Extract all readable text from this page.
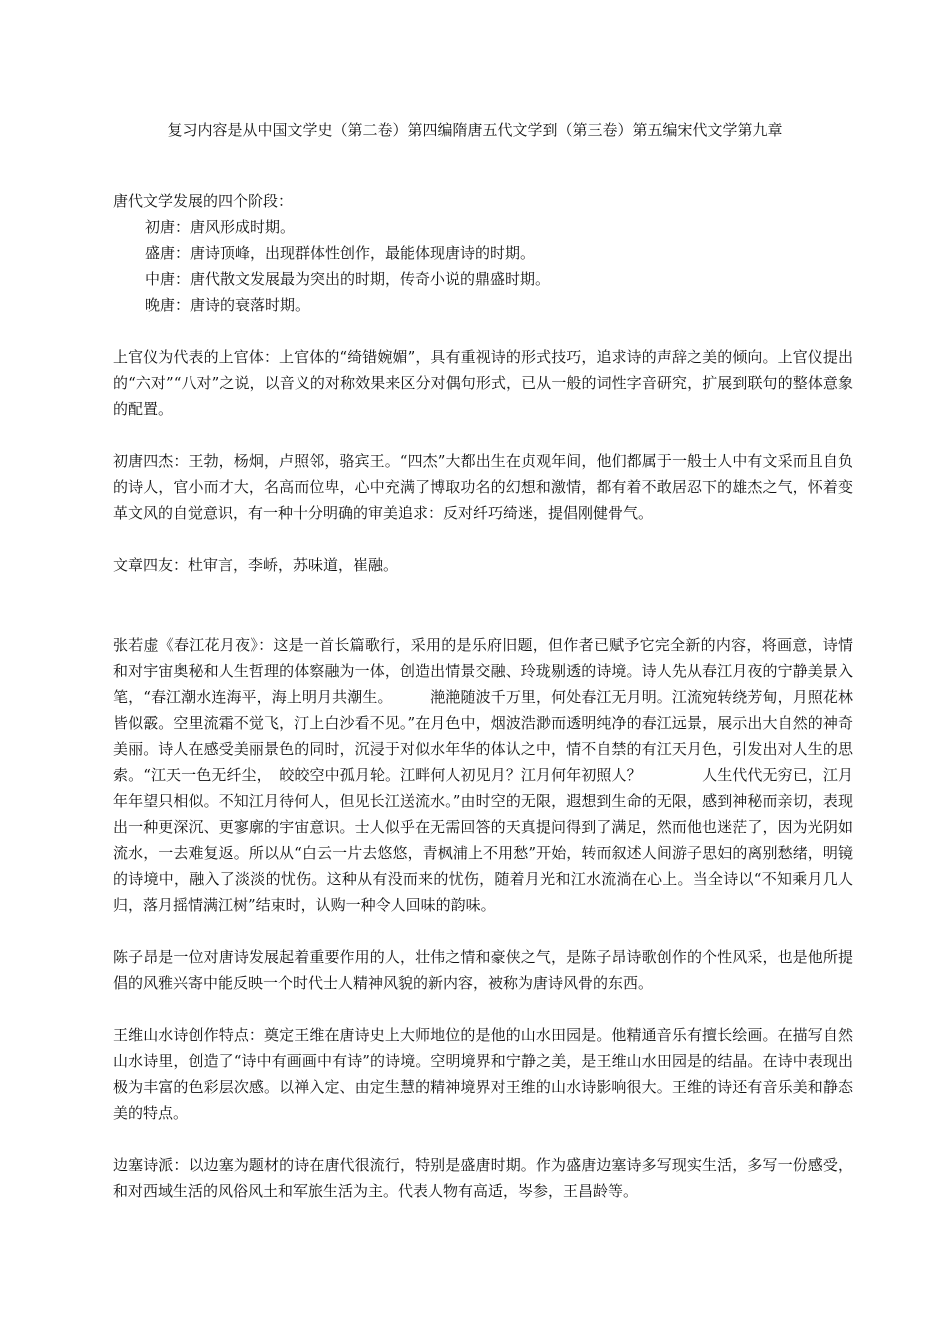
复习内容是从中国文学史（第二卷）第四编隋唐五代文学到（第三卷）第五编宋代文学第九章

唐代文学发展的四个阶段：

初唐：唐风形成时期。

盛唐：唐诗顶峰，出现群体性创作，最能体现唐诗的时期。

中唐：唐代散文发展最为突出的时期，传奇小说的鼎盛时期。

晚唐：唐诗的衰落时期。

上官仪为代表的上官体：上官体的“绮错婉媚”，具有重视诗的形式技巧，追求诗的声辞之美的倾向。上官仪提出的“六对”“八对”之说，以音义的对称效果来区分对偶句形式，已从一般的词性字音研究，扩展到联句的整体意象的配置。

初唐四杰：王勃，杨炯，卢照邻，骆宾王。“四杰”大都出生在贞观年间，他们都属于一般士人中有文采而且自负的诗人，官小而才大，名高而位卑，心中充满了博取功名的幻想和激情，都有着不敢居忍下的雄杰之气，怀着变革文风的自觉意识，有一种十分明确的审美追求：反对纤巧绮迷，提倡刚健骨气。

文章四友：杜审言，李峤，苏味道，崔融。

张若虚《春江花月夜》：这是一首长篇歌行，采用的是乐府旧题，但作者已赋予它完全新的内容，将画意，诗情和对宇宙奥秘和人生哲理的体察融为一体，创造出情景交融、玲珑剔透的诗境。诗人先从春江月夜的宁静美景入笔，“春江潮水连海平，海上明月共潮生。　　　滟滟随波千万里，何处春江无月明。江流宛转绕芳甸，月照花林皆似霰。空里流霜不觉飞，汀上白沙看不见。”在月色中，烟波浩渺而透明纯净的春江远景，展示出大自然的神奇美丽。诗人在感受美丽景色的同时，沉浸于对似水年华的体认之中，情不自禁的有江天月色，引发出对人生的思索。“江天一色无纤尘，　皎皎空中孤月轮。江畔何人初见月？江月何年初照人？　　　　人生代代无穷已，江月年年望只相似。不知江月待何人，但见长江送流水。”由时空的无限，遐想到生命的无限，感到神秘而亲切，表现出一种更深沉、更寥廓的宇宙意识。士人似乎在无需回答的天真提问得到了满足，然而他也迷茫了，因为光阴如流水，一去难复返。所以从“白云一片去悠悠，青枫浦上不用愁”开始，转而叙述人间游子思妇的离别愁绪，明镜的诗境中，融入了淡淡的忧伤。这种从有没而来的忧伤，随着月光和江水流淌在心上。当全诗以“不知乘月几人归，落月摇情满江树”结束时，认购一种令人回味的韵味。

陈子昂是一位对唐诗发展起着重要作用的人，壮伟之情和豪侠之气，是陈子昂诗歌创作的个性风采，也是他所提倡的风雅兴寄中能反映一个时代士人精神风貌的新内容，被称为唐诗风骨的东西。

王维山水诗创作特点：奠定王维在唐诗史上大师地位的是他的山水田园是。他精通音乐有擅长绘画。在描写自然山水诗里，创造了“诗中有画画中有诗”的诗境。空明境界和宁静之美，是王维山水田园是的结晶。在诗中表现出极为丰富的色彩层次感。以禅入定、由定生慧的精神境界对王维的山水诗影响很大。王维的诗还有音乐美和静态美的特点。

边塞诗派：以边塞为题材的诗在唐代很流行，特别是盛唐时期。作为盛唐边塞诗多写现实生活，多写一份感受，和对西域生活的风俗风土和军旅生活为主。代表人物有高适，岑参，王昌龄等。
